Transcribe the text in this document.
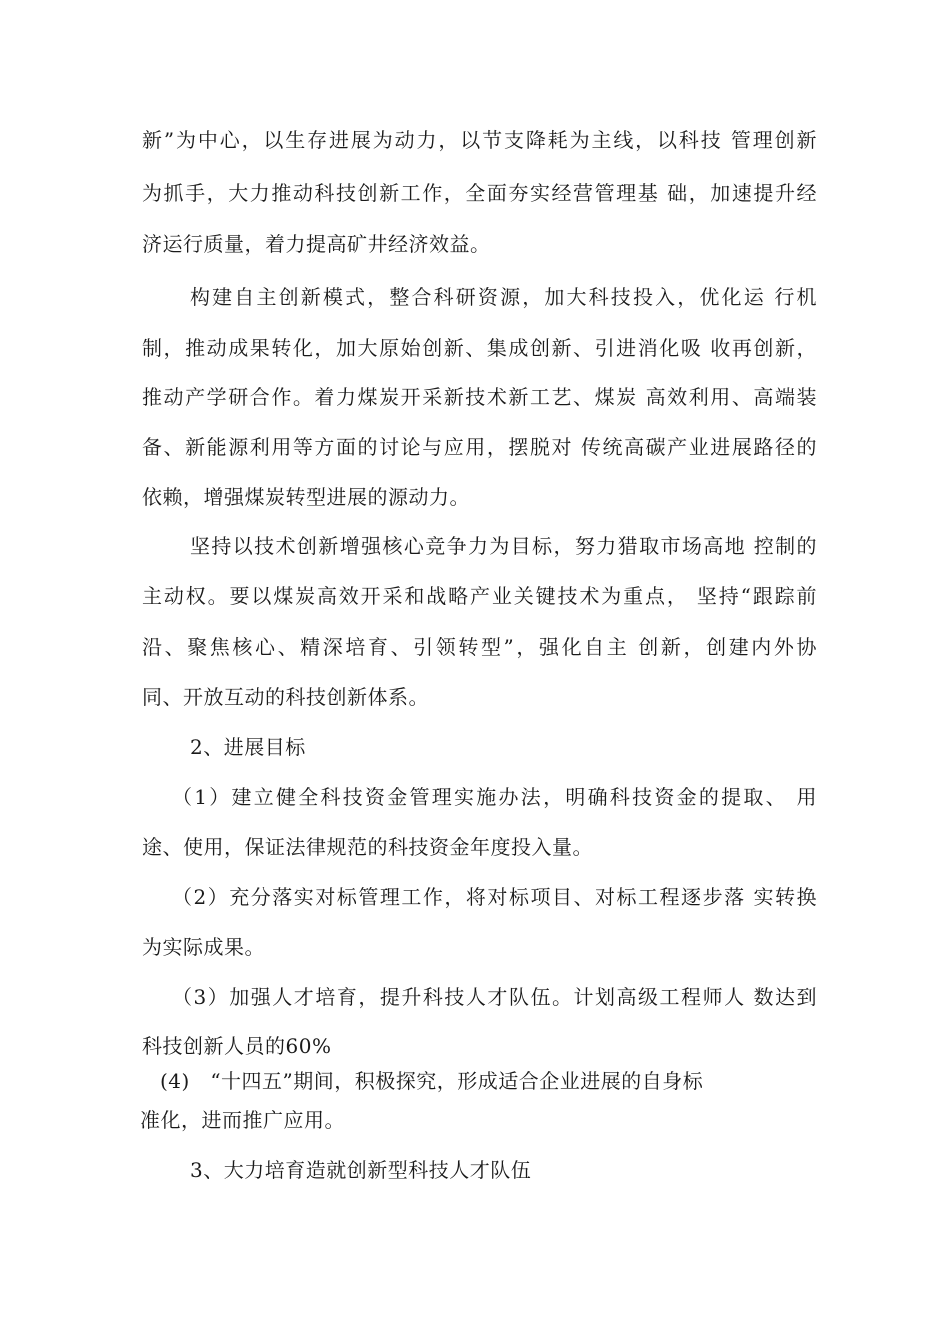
新”为中心，以生存进展为动力，以节支降耗为主线，以科技 管理创新
为抓手，大力推动科技创新工作，全面夯实经营管理基 础，加速提升经
济运行质量，着力提高矿井经济效益。
构建自主创新模式，整合科研资源，加大科技投入，优化运 行机
制，推动成果转化，加大原始创新、集成创新、引进消化吸 收再创新，
推动产学研合作。着力煤炭开采新技术新工艺、煤炭 高效利用、高端装
备、新能源利用等方面的讨论与应用，摆脱对 传统高碳产业进展路径的
依赖，增强煤炭转型进展的源动力。
坚持以技术创新增强核心竞争力为目标，努力猎取市场高地 控制的
主动权。要以煤炭高效开采和战略产业关键技术为重点， 坚持“跟踪前
沿、聚焦核心、精深培育、引领转型”，强化自主 创新，创建内外协
同、开放互动的科技创新体系。
2、进展目标
（1）建立健全科技资金管理实施办法，明确科技资金的提取、 用
途、使用，保证法律规范的科技资金年度投入量。
（2）充分落实对标管理工作，将对标项目、对标工程逐步落 实转换
为实际成果。
（3）加强人才培育，提升科技人才队伍。计划高级工程师人 数达到
科技创新人员的60%
(4)　“十四五”期间，积极探究，形成适合企业进展的自身标
准化，进而推广应用。
3、大力培育造就创新型科技人才队伍
